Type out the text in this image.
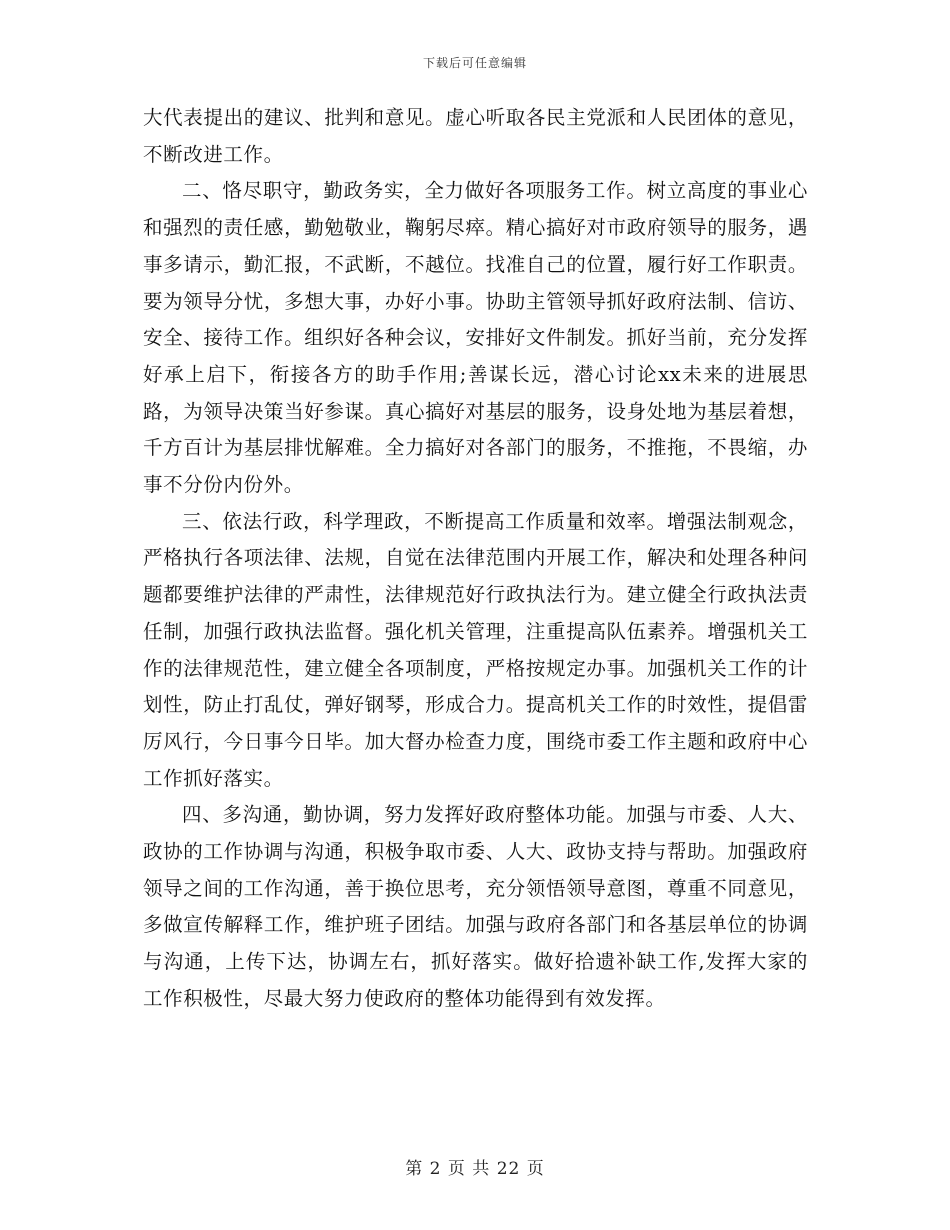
下载后可任意编辑

大代表提出的建议、批判和意见。虚心听取各民主党派和人民团体的意见，不断改进工作。

二、恪尽职守，勤政务实，全力做好各项服务工作。树立高度的事业心和强烈的责任感，勤勉敬业，鞠躬尽瘁。精心搞好对市政府领导的服务，遇事多请示，勤汇报，不武断，不越位。找准自己的位置，履行好工作职责。要为领导分忧，多想大事，办好小事。协助主管领导抓好政府法制、信访、安全、接待工作。组织好各种会议，安排好文件制发。抓好当前，充分发挥好承上启下，衔接各方的助手作用;善谋长远，潜心讨论xx未来的进展思路，为领导决策当好参谋。真心搞好对基层的服务，设身处地为基层着想，千方百计为基层排忧解难。全力搞好对各部门的服务，不推拖，不畏缩，办事不分份内份外。

三、依法行政，科学理政，不断提高工作质量和效率。增强法制观念，严格执行各项法律、法规，自觉在法律范围内开展工作，解决和处理各种问题都要维护法律的严肃性，法律规范好行政执法行为。建立健全行政执法责任制，加强行政执法监督。强化机关管理，注重提高队伍素养。增强机关工作的法律规范性，建立健全各项制度，严格按规定办事。加强机关工作的计划性，防止打乱仗，弹好钢琴，形成合力。提高机关工作的时效性，提倡雷厉风行，今日事今日毕。加大督办检查力度，围绕市委工作主题和政府中心工作抓好落实。

四、多沟通，勤协调，努力发挥好政府整体功能。加强与市委、人大、政协的工作协调与沟通，积极争取市委、人大、政协支持与帮助。加强政府领导之间的工作沟通，善于换位思考，充分领悟领导意图，尊重不同意见，多做宣传解释工作，维护班子团结。加强与政府各部门和各基层单位的协调与沟通，上传下达，协调左右，抓好落实。做好拾遗补缺工作,发挥大家的工作积极性，尽最大努力使政府的整体功能得到有效发挥。

第 2 页 共 22 页
